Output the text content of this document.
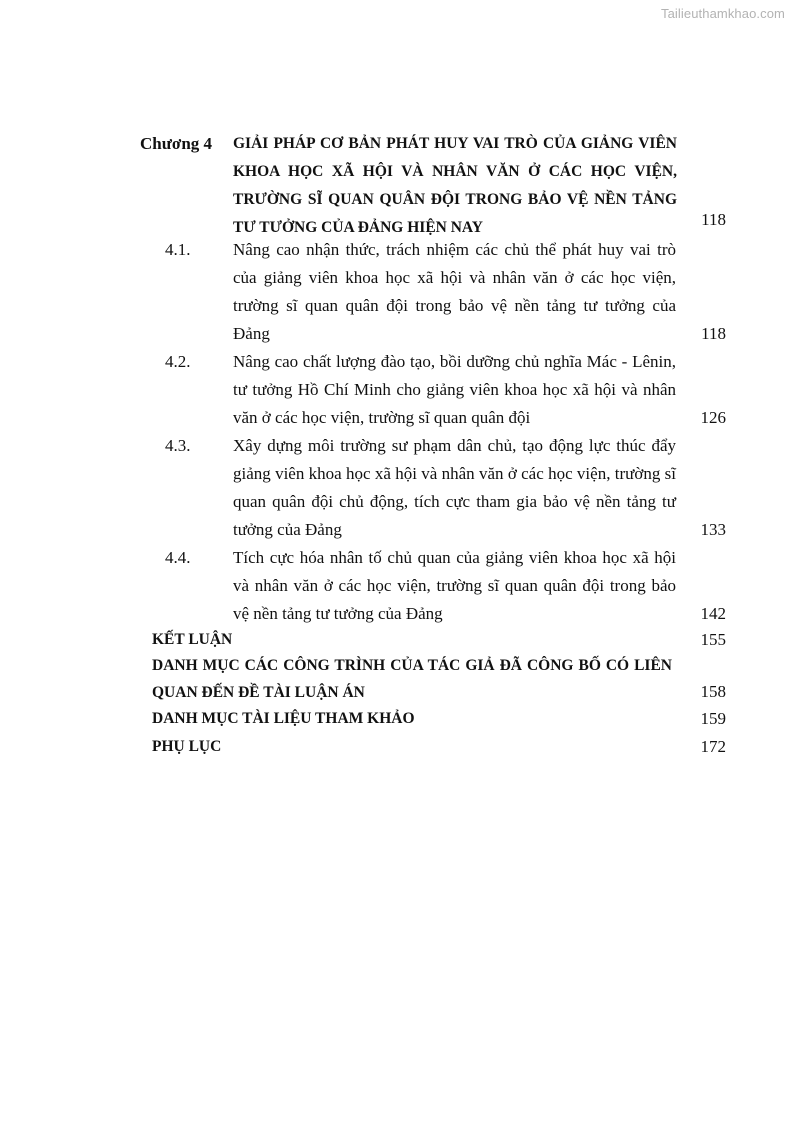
Tailieuthamkhao.com
Chương 4 GIẢI PHÁP CƠ BẢN PHÁT HUY VAI TRÒ CỦA GIẢNG VIÊN KHOA HỌC XÃ HỘI VÀ NHÂN VĂN Ở CÁC HỌC VIỆN, TRƯỜNG SĨ QUAN QUÂN ĐỘI TRONG BẢO VỆ NỀN TẢNG TƯ TƯỞNG CỦA ĐẢNG HIỆN NAY	118
4.1.	Nâng cao nhận thức, trách nhiệm các chủ thể phát huy vai trò của giảng viên khoa học xã hội và nhân văn ở các học viện, trường sĩ quan quân đội trong bảo vệ nền tảng tư tưởng của Đảng	118
4.2.	Nâng cao chất lượng đào tạo, bồi dưỡng chủ nghĩa Mác - Lênin, tư tưởng Hồ Chí Minh cho giảng viên khoa học xã hội và nhân văn ở các học viện, trường sĩ quan quân đội	126
4.3.	Xây dựng môi trường sư phạm dân chủ, tạo động lực thúc đẩy giảng viên khoa học xã hội và nhân văn ở các học viện, trường sĩ quan quân đội chủ động, tích cực tham gia bảo vệ nền tảng tư tưởng của Đảng	133
4.4.	Tích cực hóa nhân tố chủ quan của giảng viên khoa học xã hội và nhân văn ở các học viện, trường sĩ quan quân đội trong bảo vệ nền tảng tư tưởng của Đảng	142
KẾT LUẬN	155
DANH MỤC CÁC CÔNG TRÌNH CỦA TÁC GIẢ ĐÃ CÔNG BỐ CÓ LIÊN QUAN ĐẾN ĐỀ TÀI LUẬN ÁN	158
DANH MỤC TÀI LIỆU THAM KHẢO	159
PHỤ LỤC	172
